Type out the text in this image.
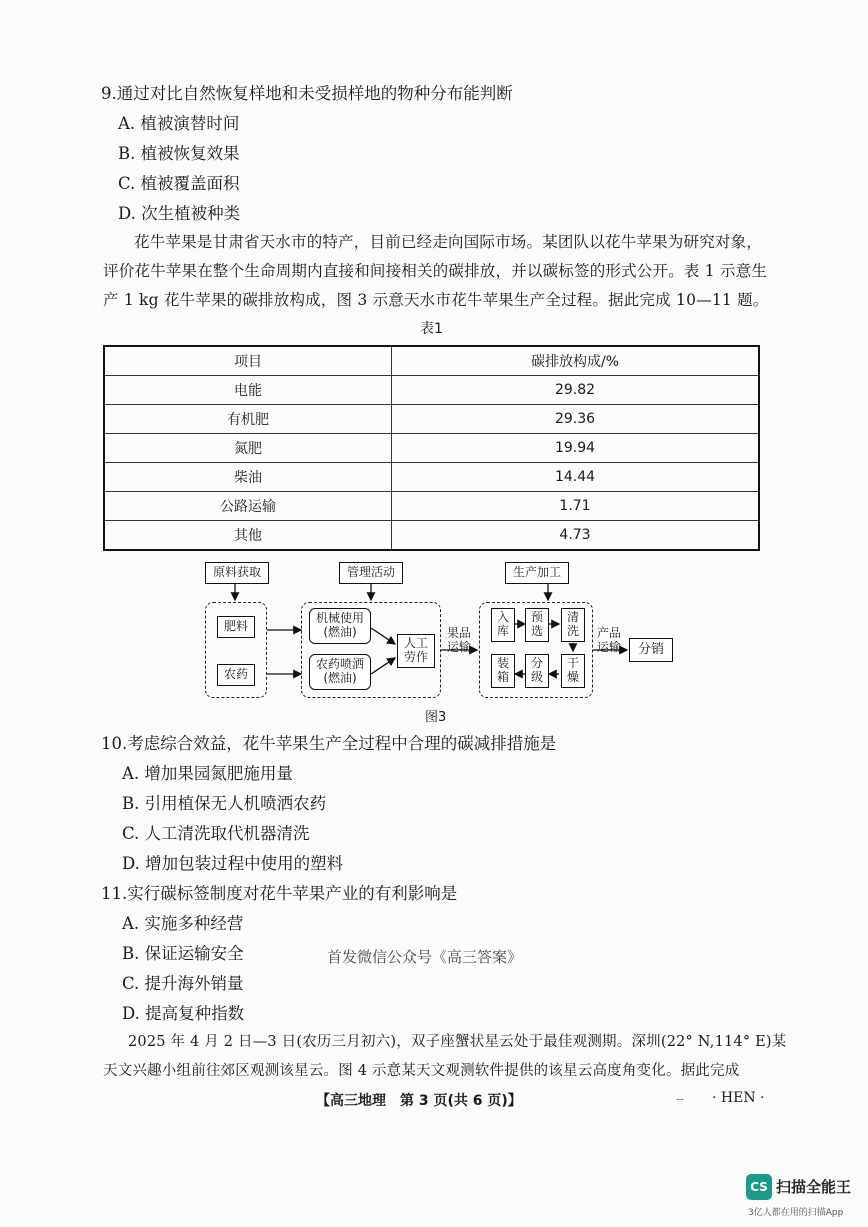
9.通过对比自然恢复样地和未受损样地的物种分布能判断
A. 植被演替时间
B. 植被恢复效果
C. 植被覆盖面积
D. 次生植被种类
花牛苹果是甘肃省天水市的特产，目前已经走向国际市场。某团队以花牛苹果为研究对象，
评价花牛苹果在整个生命周期内直接和间接相关的碳排放，并以碳标签的形式公开。表 1 示意生
产 1 kg 花牛苹果的碳排放构成，图 3 示意天水市花牛苹果生产全过程。据此完成 10—11 题。
表1
项目	碳排放构成/%
电能	29.82
有机肥	29.36
氮肥	19.94
柴油	14.44
公路运输	1.71
其他	4.73
原料获取	管理活动	生产加工
肥料
农药
机械使用
(燃油)
农药喷洒
(燃油)
人工
劳作
果品
运输
入
库
预
选
清
洗
干
燥
分
级
装
箱
产品
运输	分销
图3
10.考虑综合效益，花牛苹果生产全过程中合理的碳减排措施是
A. 增加果园氮肥施用量
B. 引用植保无人机喷洒农药
C. 人工清洗取代机器清洗
D. 增加包装过程中使用的塑料
11.实行碳标签制度对花牛苹果产业的有利影响是
A. 实施多种经营
B. 保证运输安全
C. 提升海外销量
D. 提高复种指数
首发微信公众号《高三答案》
2025 年 4 月 2 日—3 日(农历三月初六)，双子座蟹状星云处于最佳观测期。深圳(22° N,114° E)某
天文兴趣小组前往郊区观测该星云。图 4 示意某天文观测软件提供的该星云高度角变化。据此完成
【高三地理　第 3 页(共 6 页)】	-- · HEN ·
CS 扫描全能王
3亿人都在用的扫描App
